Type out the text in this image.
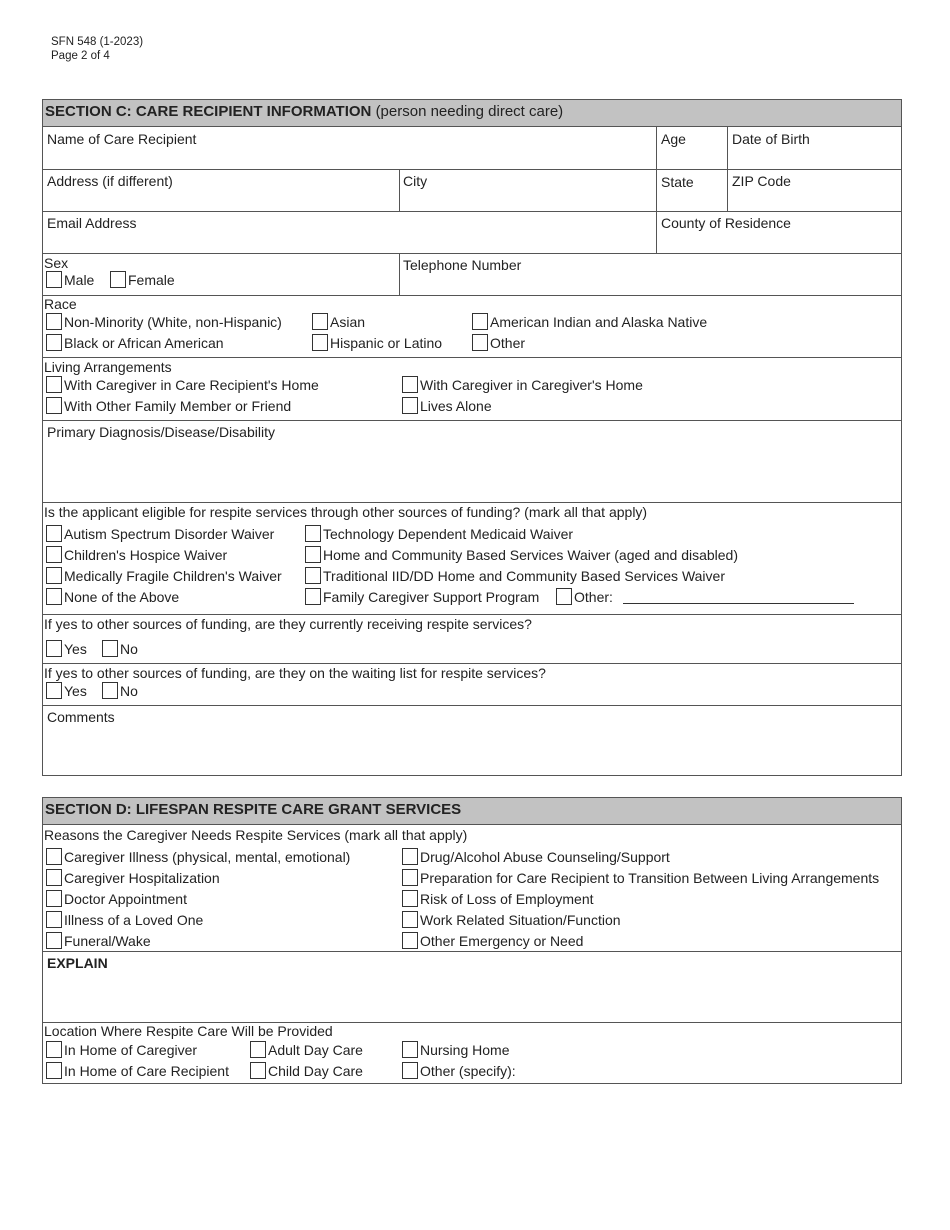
SFN 548 (1-2023)
Page 2 of 4
SECTION C: CARE RECIPIENT INFORMATION (person needing direct care)
Name of Care Recipient	Age	Date of Birth
Address (if different)	City	State	ZIP Code
Email Address	County of Residence
Sex
Male Female
Telephone Number
Race
Non-Minority (White, non-Hispanic)	Asian	American Indian and Alaska Native
Black or African American	Hispanic or Latino	Other
Living Arrangements
With Caregiver in Care Recipient's Home	With Caregiver in Caregiver's Home
With Other Family Member or Friend	Lives Alone
Primary Diagnosis/Disease/Disability
Is the applicant eligible for respite services through other sources of funding? (mark all that apply)
Autism Spectrum Disorder Waiver	Technology Dependent Medicaid Waiver
Children's Hospice Waiver	Home and Community Based Services Waiver (aged and disabled)
Medically Fragile Children's Waiver	Traditional IID/DD Home and Community Based Services Waiver
None of the Above	Family Caregiver Support Program Other:
If yes to other sources of funding, are they currently receiving respite services?
Yes No
If yes to other sources of funding, are they on the waiting list for respite services?
Yes No
Comments
SECTION D: LIFESPAN RESPITE CARE GRANT SERVICES
Reasons the Caregiver Needs Respite Services (mark all that apply)
Caregiver Illness (physical, mental, emotional)	Drug/Alcohol Abuse Counseling/Support
Caregiver Hospitalization	Preparation for Care Recipient to Transition Between Living Arrangements
Doctor Appointment	Risk of Loss of Employment
Illness of a Loved One	Work Related Situation/Function
Funeral/Wake	Other Emergency or Need
EXPLAIN
Location Where Respite Care Will be Provided
In Home of Caregiver	Adult Day Care	Nursing Home
In Home of Care Recipient	Child Day Care	Other (specify):
